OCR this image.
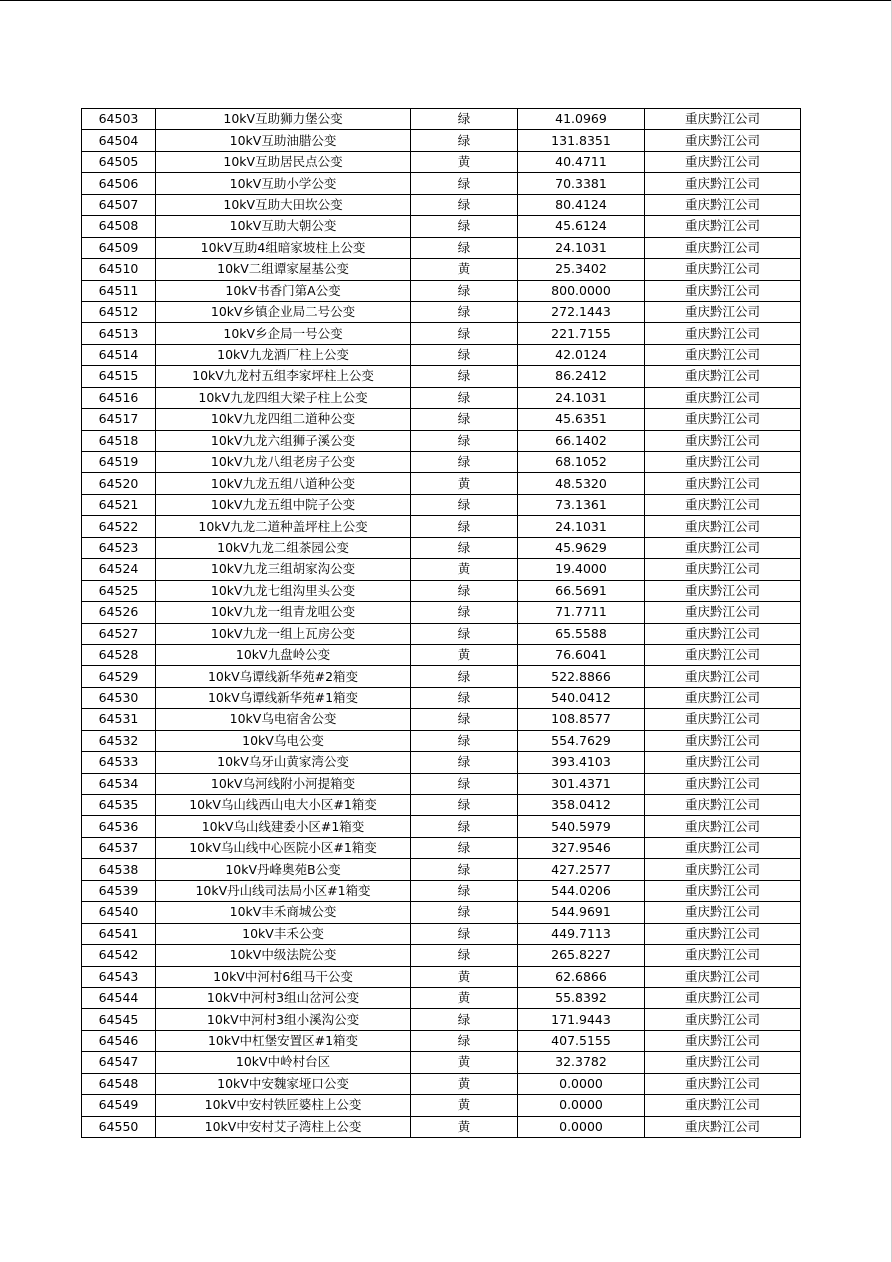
64503	10kV互助狮力堡公变	绿	41.0969	重庆黔江公司
64504	10kV互助油腊公变	绿	131.8351	重庆黔江公司
64505	10kV互助居民点公变	黄	40.4711	重庆黔江公司
64506	10kV互助小学公变	绿	70.3381	重庆黔江公司
64507	10kV互助大田坎公变	绿	80.4124	重庆黔江公司
64508	10kV互助大朝公变	绿	45.6124	重庆黔江公司
64509	10kV互助4组暗家坡柱上公变	绿	24.1031	重庆黔江公司
64510	10kV二组谭家屋基公变	黄	25.3402	重庆黔江公司
64511	10kV书香门第A公变	绿	800.0000	重庆黔江公司
64512	10kV乡镇企业局二号公变	绿	272.1443	重庆黔江公司
64513	10kV乡企局一号公变	绿	221.7155	重庆黔江公司
64514	10kV九龙酒厂柱上公变	绿	42.0124	重庆黔江公司
64515	10kV九龙村五组李家坪柱上公变	绿	86.2412	重庆黔江公司
64516	10kV九龙四组大梁子柱上公变	绿	24.1031	重庆黔江公司
64517	10kV九龙四组二道种公变	绿	45.6351	重庆黔江公司
64518	10kV九龙六组狮子溪公变	绿	66.1402	重庆黔江公司
64519	10kV九龙八组老房子公变	绿	68.1052	重庆黔江公司
64520	10kV九龙五组八道种公变	黄	48.5320	重庆黔江公司
64521	10kV九龙五组中院子公变	绿	73.1361	重庆黔江公司
64522	10kV九龙二道种盖坪柱上公变	绿	24.1031	重庆黔江公司
64523	10kV九龙二组茶园公变	绿	45.9629	重庆黔江公司
64524	10kV九龙三组胡家沟公变	黄	19.4000	重庆黔江公司
64525	10kV九龙七组沟里头公变	绿	66.5691	重庆黔江公司
64526	10kV九龙一组青龙咀公变	绿	71.7711	重庆黔江公司
64527	10kV九龙一组上瓦房公变	绿	65.5588	重庆黔江公司
64528	10kV九盘岭公变	黄	76.6041	重庆黔江公司
64529	10kV乌谭线新华苑#2箱变	绿	522.8866	重庆黔江公司
64530	10kV乌谭线新华苑#1箱变	绿	540.0412	重庆黔江公司
64531	10kV乌电宿舍公变	绿	108.8577	重庆黔江公司
64532	10kV乌电公变	绿	554.7629	重庆黔江公司
64533	10kV乌牙山黄家湾公变	绿	393.4103	重庆黔江公司
64534	10kV乌河线附小河提箱变	绿	301.4371	重庆黔江公司
64535	10kV乌山线西山电大小区#1箱变	绿	358.0412	重庆黔江公司
64536	10kV乌山线建委小区#1箱变	绿	540.5979	重庆黔江公司
64537	10kV乌山线中心医院小区#1箱变	绿	327.9546	重庆黔江公司
64538	10kV丹峰奥苑B公变	绿	427.2577	重庆黔江公司
64539	10kV丹山线司法局小区#1箱变	绿	544.0206	重庆黔江公司
64540	10kV丰禾商城公变	绿	544.9691	重庆黔江公司
64541	10kV丰禾公变	绿	449.7113	重庆黔江公司
64542	10kV中级法院公变	绿	265.8227	重庆黔江公司
64543	10kV中河村6组马干公变	黄	62.6866	重庆黔江公司
64544	10kV中河村3组山岔河公变	黄	55.8392	重庆黔江公司
64545	10kV中河村3组小溪沟公变	绿	171.9443	重庆黔江公司
64546	10kV中杠堡安置区#1箱变	绿	407.5155	重庆黔江公司
64547	10kV中岭村台区	黄	32.3782	重庆黔江公司
64548	10kV中安魏家垭口公变	黄	0.0000	重庆黔江公司
64549	10kV中安村铁匠婆柱上公变	黄	0.0000	重庆黔江公司
64550	10kV中安村艾子湾柱上公变	黄	0.0000	重庆黔江公司
